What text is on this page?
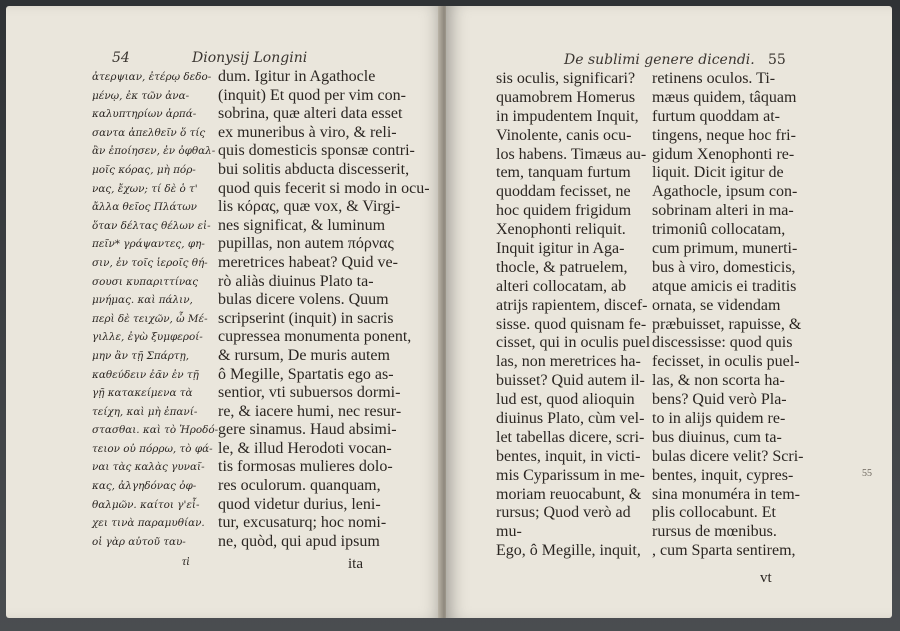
54	Dionysij Longini
ἀτερψιαν, ἐτέρῳ δεδο-
μένῳ, ἐκ τῶν ἀνα-
καλυπτηρίων ἁρπά-
σαντα ἀπελθεῖν ὅ τίς
ἂν ἐποίησεν, ἐν ὀφθαλ-
μοῖς κόρας, μὴ πόρ-
νας, ἔχων; τί δὲ ὁ τ'
ἄλλα θεῖος Πλάτων
ὅταν δέλτας θέλων εἰ-
πεῖν* γράψαντες, φη-
σιν, ἐν τοῖς ἱεροῖς θή-
σουσι κυπαριττίνας
μνήμας. καὶ πάλιν,
περὶ δὲ τειχῶν, ὦ Μέ-
γιλλε, ἐγὼ ξυμφεροί-
μην ἂν τῇ Σπάρτῃ,
καθεύδειν ἐᾶν ἐν τῇ
γῇ κατακείμενα τὰ
τείχη, καὶ μὴ ἐπανί-
στασθαι. καὶ τὸ Ἡροδό-
τειον οὐ πόρρω, τὸ φά-
ναι τὰς καλὰς γυναῖ-
κας, ἀλγηδόνας ὀφ-
θαλμῶν. καίτοι γ'εἶ-
χει τινὰ παραμυθίαν.
οἱ γὰρ αὐτοῦ ταυ-
τὶ
dum. Igitur in Agathocle
(inquit) Et quod per vim con-
sobrina, quæ alteri data esset
ex muneribus à viro, & reli-
quis domesticis sponsæ contri-
bui solitis abducta discesserit,
quod quis fecerit si modo in ocu-
lis κόρας, quæ vox, & Virgi-
nes significat, & luminum
pupillas, non autem πόρνας
meretrices habeat? Quid ve-
rò aliàs diuinus Plato ta-
bulas dicere volens. Quum
scripserint (inquit) in sacris
cupressea monumenta ponent,
& rursum, De muris autem
ô Megille, Spartatis ego as-
sentior, vti subuersos dormi-
re, & iacere humi, nec resur-
gere sinamus. Haud absimi-
le, & illud Herodoti vocan-
tis formosas mulieres dolo-
res oculorum. quanquam,
quod videtur durius, leni-
tur, excusaturq; hoc nomi-
ne, quòd, qui apud ipsum
ita
De sublimi genere dicendi. 55
sis oculis, significari?
quamobrem Homerus
in impudentem Inquit,
Vinolente, canis ocu-
los habens. Timæus au-
tem, tanquam furtum
quoddam fecisset, ne
hoc quidem frigidum
Xenophonti reliquit.
Inquit igitur in Aga-
thocle, & patruelem,
alteri collocatam, ab
atrijs rapientem, discef-
sisse. quod quisnam fe-
cisset, qui in oculis puel
las, non meretrices ha-
buisset? Quid autem il-
lud est, quod alioquin
diuinus Plato, cùm vel-
let tabellas dicere, scri-
bentes, inquit, in victi-
mis Cyparissum in me-
moriam reuocabunt, &
rursus; Quod verò ad
mu-
Ego, ô Megille, inquit,
retinens oculos. Ti-
mæus quidem, tâquam
furtum quoddam at-
tingens, neque hoc fri-
gidum Xenophonti re-
liquit. Dicit igitur de
Agathocle, ipsum con-
sobrinam alteri in ma-
trimoniû collocatam,
cum primum, munerti-
bus à viro, domesticis,
atque amicis ei traditis
ornata, se videndam
præbuisset, rapuisse, &
discessisse: quod quis
fecisset, in oculis puel-
las, & non scorta ha-
bens? Quid verò Pla-
to in alijs quidem re-
bus diuinus, cum ta-
bulas dicere velit? Scri-
bentes, inquit, cypres-
sina monuméra in tem-
plis collocabunt. Et
rursus de mœnibus.
, cum Sparta sentirem,
vt
55
